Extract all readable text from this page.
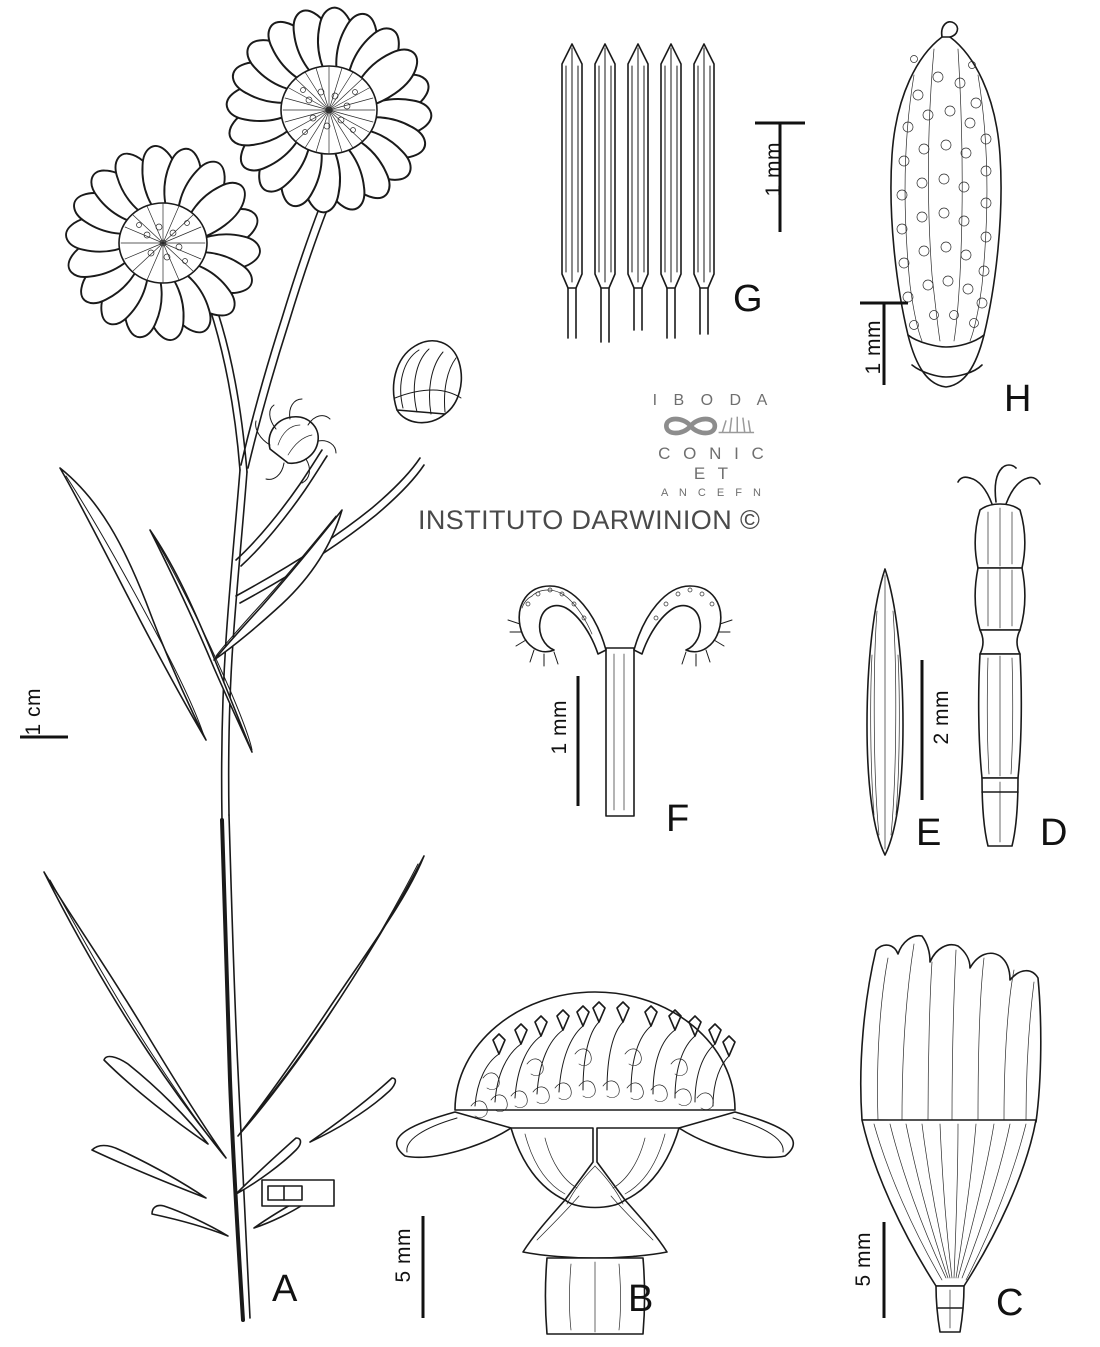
A	B	C
D
E
F
G
H
1 cm
1 mm
1 mm
1 mm	2 mm
5 mm	5 mm
I B O D A
C O N I C E T
A N C E F N
INSTITUTO DARWINION ©
